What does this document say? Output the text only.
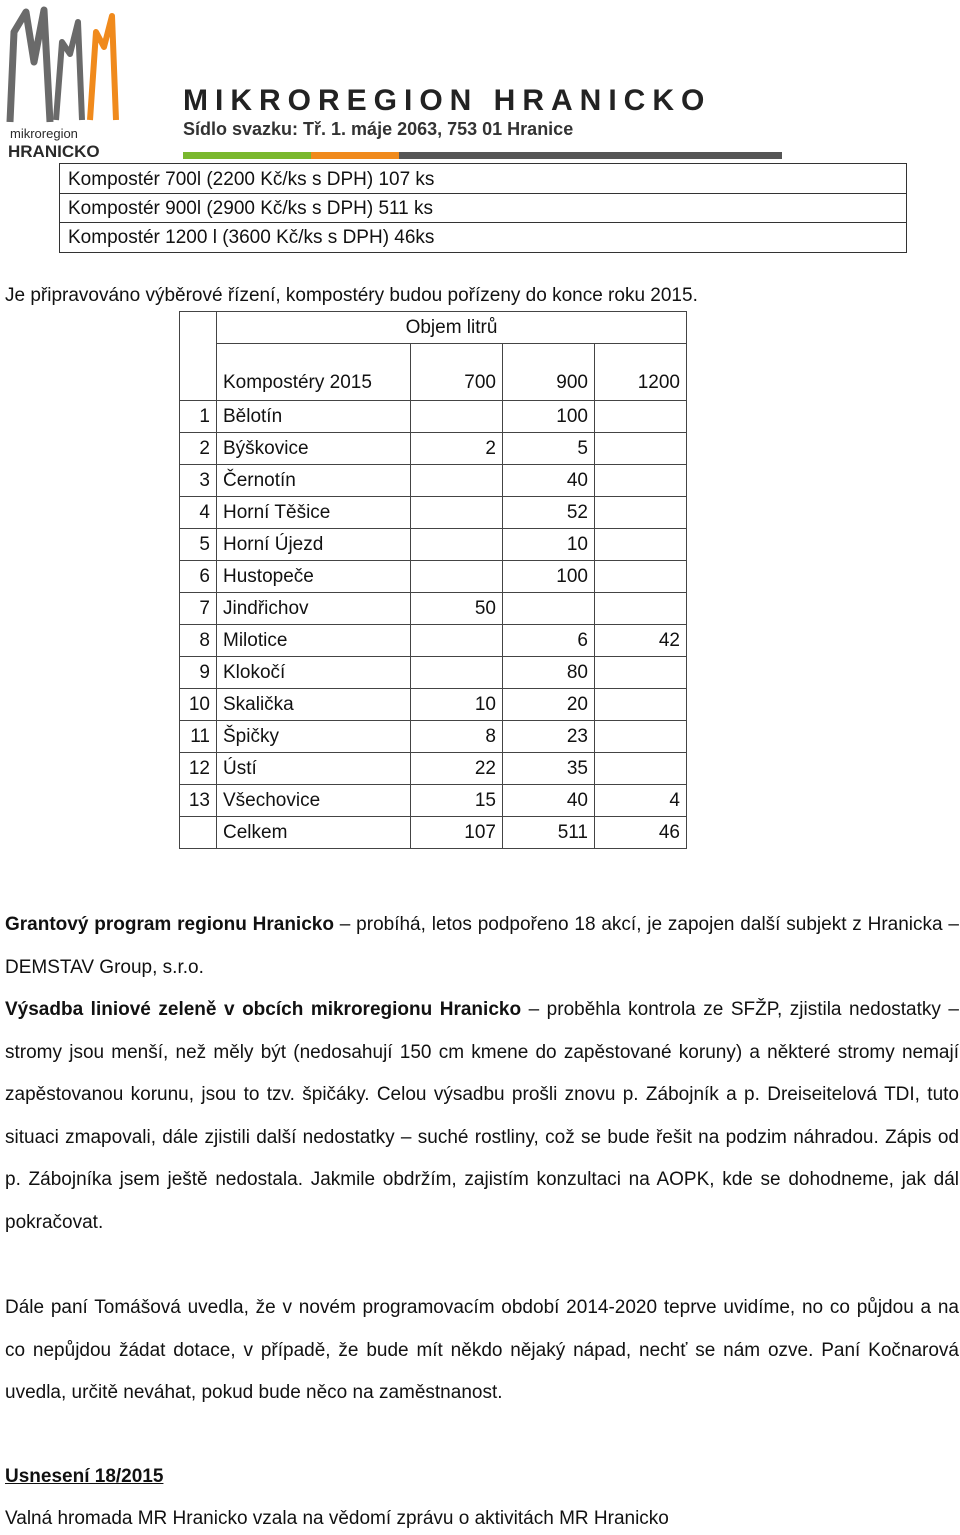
mikroregion
HRANICKO
MIKROREGION HRANICKO
Sídlo svazku: Tř. 1. máje 2063, 753 01 Hranice
Kompostér 700l (2200 Kč/ks s DPH) 107 ks
Kompostér 900l (2900 Kč/ks s DPH) 511 ks
Kompostér 1200 l (3600 Kč/ks s DPH) 46ks
Je připravováno výběrové řízení, kompostéry budou pořízeny do konce roku 2015.
	Objem litrů			
	Kompostéry 2015	700	900	1200
1	Bělotín		100	
2	Býškovice	2	5	
3	Černotín		40	
4	Horní Těšice		52	
5	Horní Újezd		10	
6	Hustopeče		100	
7	Jindřichov	50		
8	Milotice		6	42
9	Klokočí		80	
10	Skalička	10	20	
11	Špičky	8	23	
12	Ústí	22	35	
13	Všechovice	15	40	4
	Celkem	107	511	46
Grantový program regionu Hranicko – probíhá, letos podpořeno 18 akcí, je zapojen další subjekt z Hranicka – DEMSTAV Group, s.r.o.
Výsadba liniové zeleně v obcích mikroregionu Hranicko – proběhla kontrola ze SFŽP, zjistila nedostatky – stromy jsou menší, než měly být (nedosahují 150 cm kmene do zapěstované koruny) a některé stromy nemají zapěstovanou korunu, jsou to tzv. špičáky. Celou výsadbu prošli znovu p. Zábojník a p. Dreiseitelová TDI, tuto situaci zmapovali, dále zjistili další nedostatky – suché rostliny, což se bude řešit na podzim náhradou. Zápis od p. Zábojníka jsem ještě nedostala. Jakmile obdržím, zajistím konzultaci na AOPK, kde se dohodneme, jak dál pokračovat.
Dále paní Tomášová uvedla, že v novém programovacím období 2014-2020 teprve uvidíme, no co půjdou a na co nepůjdou žádat dotace, v případě, že bude mít někdo nějaký nápad, nechť se nám ozve. Paní Kočnarová uvedla, určitě neváhat, pokud bude něco na zaměstnanost.
Usnesení 18/2015
Valná hromada MR Hranicko vzala na vědomí zprávu o aktivitách MR Hranicko
